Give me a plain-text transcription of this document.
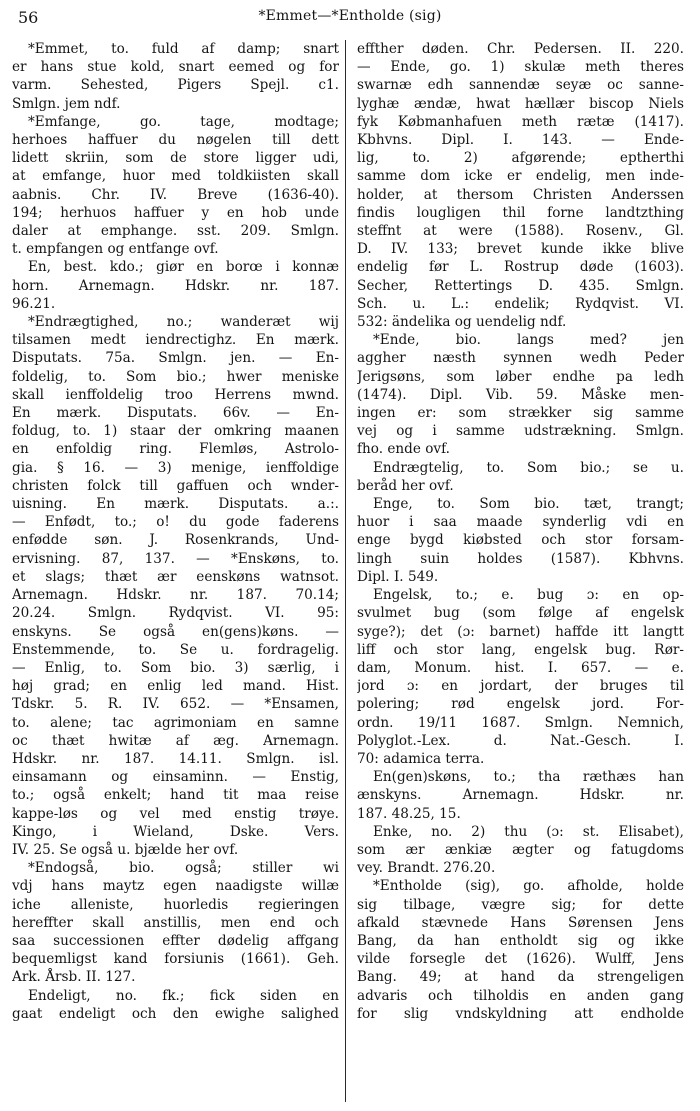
56	*Emmet—*Entholde (sig)
*Emmet, to. fuld af damp; snart
er hans stue kold, snart eemed og for
varm. Sehested, Pigers Spejl. c1.
Smlgn. jem ndf.
*Emfange, go. tage, modtage;
herhoes haffuer du nøgelen till dett
lidett skriin, som de store ligger udi,
at emfange, huor med toldkiisten skall
aabnis. Chr. IV. Breve (1636-40).
194; herhuos haffuer y en hob unde
daler at emphange. sst. 209. Smlgn.
t. empfangen og entfange ovf.
En, best. kdo.; giør en borœ i konnæ
horn. Arnemagn. Hdskr. nr. 187.
96.21.
*Endrægtighed, no.; wanderæt wij
tilsamen medt iendrectighz. En mærk.
Disputats. 75a. Smlgn. jen. — En-
foldelig, to. Som bio.; hwer meniske
skall ienffoldelig troo Herrens mwnd.
En mærk. Disputats. 66v. — En-
foldug, to. 1) staar der omkring maanen
en enfoldig ring. Flemløs, Astrolo-
gia. § 16. — 3) menige, ienffoldige
christen folck till gaffuen och wnder-
uisning. En mærk. Disputats. a.:.
— Enfødt, to.; o! du gode faderens
enfødde søn. J. Rosenkrands, Und-
ervisning. 87, 137. — *Enskøns, to.
et slags; thæt ær eenskøns watnsot.
Arnemagn. Hdskr. nr. 187. 70.14;
20.24. Smlgn. Rydqvist. VI. 95:
enskyns. Se også en(gens)køns. —
Enstemmende, to. Se u. fordragelig.
— Enlig, to. Som bio. 3) særlig, i
høj grad; en enlig led mand. Hist.
Tdskr. 5. R. IV. 652. — *Ensamen,
to. alene; tac agrimoniam en samne
oc thæt hwitæ af æg. Arnemagn.
Hdskr. nr. 187. 14.11. Smlgn. isl.
einsamann og einsaminn. — Enstig,
to.; også enkelt; hand tit maa reise
kappe-løs og vel med enstig trøye.
Kingo, i Wieland, Dske. Vers.
IV. 25. Se også u. bjælde her ovf.
*Endogså, bio. også; stiller wi
vdj hans maytz egen naadigste willæ
iche alleniste, huorledis regieringen
hereffter skall anstillis, men end och
saa successionen effter dødelig affgang
bequemligst kand forsiunis (1661). Geh.
Ark. Årsb. II. 127.
Endeligt, no. fk.; fick siden en
gaat endeligt och den ewighe salighed
effther døden. Chr. Pedersen. II. 220.
— Ende, go. 1) skulæ meth theres
swarnæ edh sannendæ seyæ oc sanne-
lyghæ ændæ, hwat hællær biscop Niels
fyk Købmanhafuen meth rætæ (1417).
Kbhvns. Dipl. I. 143. — Ende-
lig, to. 2) afgørende; eptherthi
samme dom icke er endelig, men inde-
holder, at thersom Christen Anderssen
findis lougligen thil forne landtzthing
steffnt at were (1588). Rosenv., Gl.
D. IV. 133; brevet kunde ikke blive
endelig før L. Rostrup døde (1603).
Secher, Rettertings D. 435. Smlgn.
Sch. u. L.: endelik; Rydqvist. VI.
532: ändelika og uendelig ndf.
*Ende, bio. langs med? jen
aggher næsth synnen wedh Peder
Jerigsøns, som løber endhe pa ledh
(1474). Dipl. Vib. 59. Måske men-
ingen er: som strækker sig samme
vej og i samme udstrækning. Smlgn.
fho. ende ovf.
Endrægtelig, to. Som bio.; se u.
beråd her ovf.
Enge, to. Som bio. tæt, trangt;
huor i saa maade synderlig vdi en
enge bygd kiøbsted och stor forsam-
lingh suin holdes (1587). Kbhvns.
Dipl. I. 549.
Engelsk, to.; e. bug ɔ: en op-
svulmet bug (som følge af engelsk
syge?); det (ɔ: barnet) haffde itt langtt
liff och stor lang, engelsk bug. Rør-
dam, Monum. hist. I. 657. — e.
jord ɔ: en jordart, der bruges til
polering; rød engelsk jord. For-
ordn. 19/11 1687. Smlgn. Nemnich,
Polyglot.-Lex. d. Nat.-Gesch. I.
70: adamica terra.
En(gen)skøns, to.; tha ræthæs han
ænskyns. Arnemagn. Hdskr. nr.
187. 48.25, 15.
Enke, no. 2) thu (ɔ: st. Elisabet),
som ær ænkiæ ægter og fatugdoms
vey. Brandt. 276.20.
*Entholde (sig), go. afholde, holde
sig tilbage, vægre sig; for dette
afkald stævnede Hans Sørensen Jens
Bang, da han entholdt sig og ikke
vilde forsegle det (1626). Wulff, Jens
Bang. 49; at hand da strengeligen
advaris och tilholdis en anden gang
for slig vndskyldning att endholde
